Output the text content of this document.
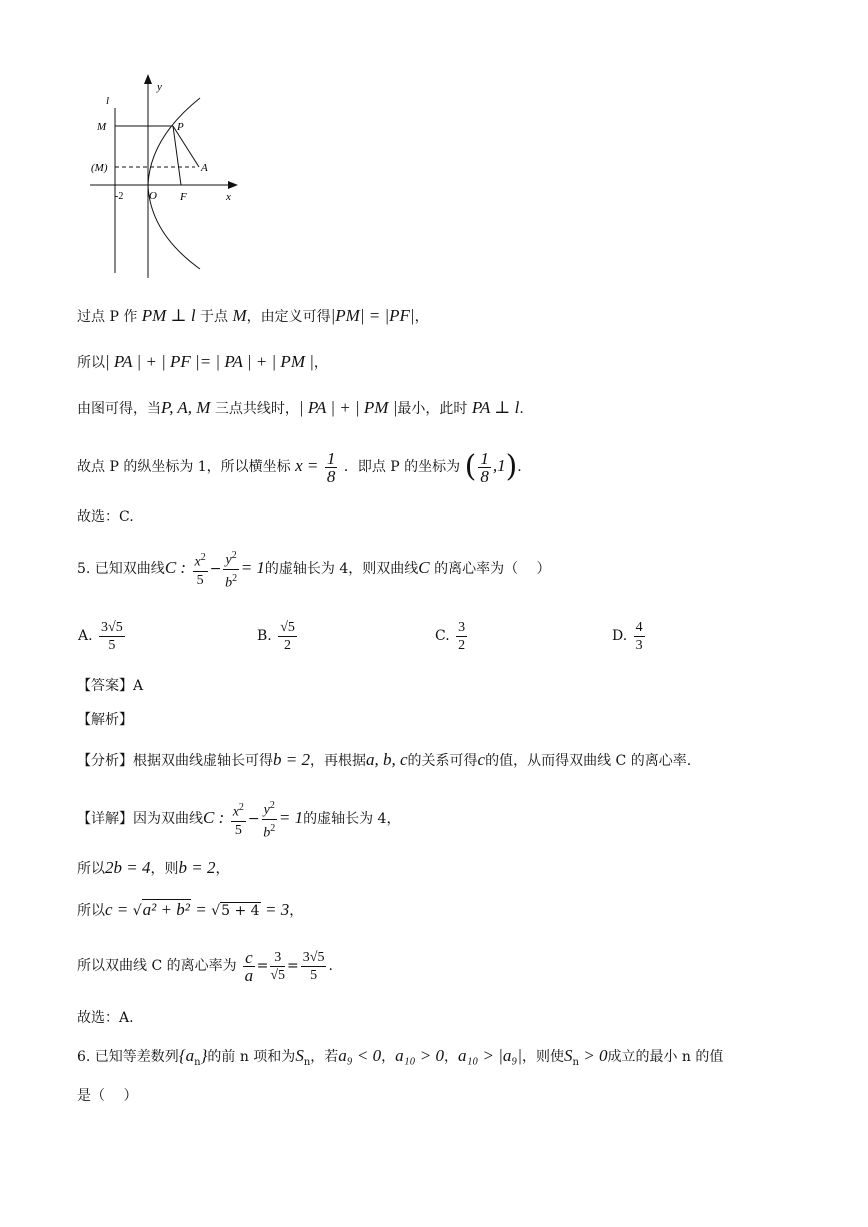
l
y
M	P
(M)	A
-2 O F	x
过点 P 作 PM ⊥ l 于点 M，由定义可得|PM| = |PF|，
所以| PA | + | PF |= | PA | + | PM |，
由图可得，当P, A, M 三点共线时，| PA | + | PM |最小，此时 PA ⊥ l.
故点 P 的纵坐标为 1，所以横坐标 $x = \frac{1}{8}$ ．即点 P 的坐标为 ( $\frac{1}{8} ,1$).
故选：C.
5. 已知双曲线C : $\frac{x^2}{5} - \frac{y^2}{b^2} = 1$的虚轴长为 4，则双曲线C 的离心率为（　 ）
A. $\frac{3√5}{5}$	B. $\frac{√5}{2}$	C. $\frac{3}{2}$	D. $\frac{4}{3}$
【答案】A
【解析】
【分析】根据双曲线虚轴长可得b = 2，再根据a, b, c的关系可得c的值，从而得双曲线 C 的离心率.
【详解】因为双曲线C : $\frac{x^2}{5} - \frac{y^2}{b^2} = 1$的虚轴长为 4，
所以2b = 4，则b = 2，
所以c = √a² + b² = √5 + 4 = 3，
所以双曲线 C 的离心率为 $\frac{c}{a} = \frac{3}{√5} = \frac{3√5}{5}$ .
故选：A.
6. 已知等差数列$\{a_n\}$的前 n 项和为$S_n$，若a₉ < 0，a₁₀ > 0，a₁₀ > |a₉|，则使$S_n > 0$成立的最小 n 的值
是（　 ）
